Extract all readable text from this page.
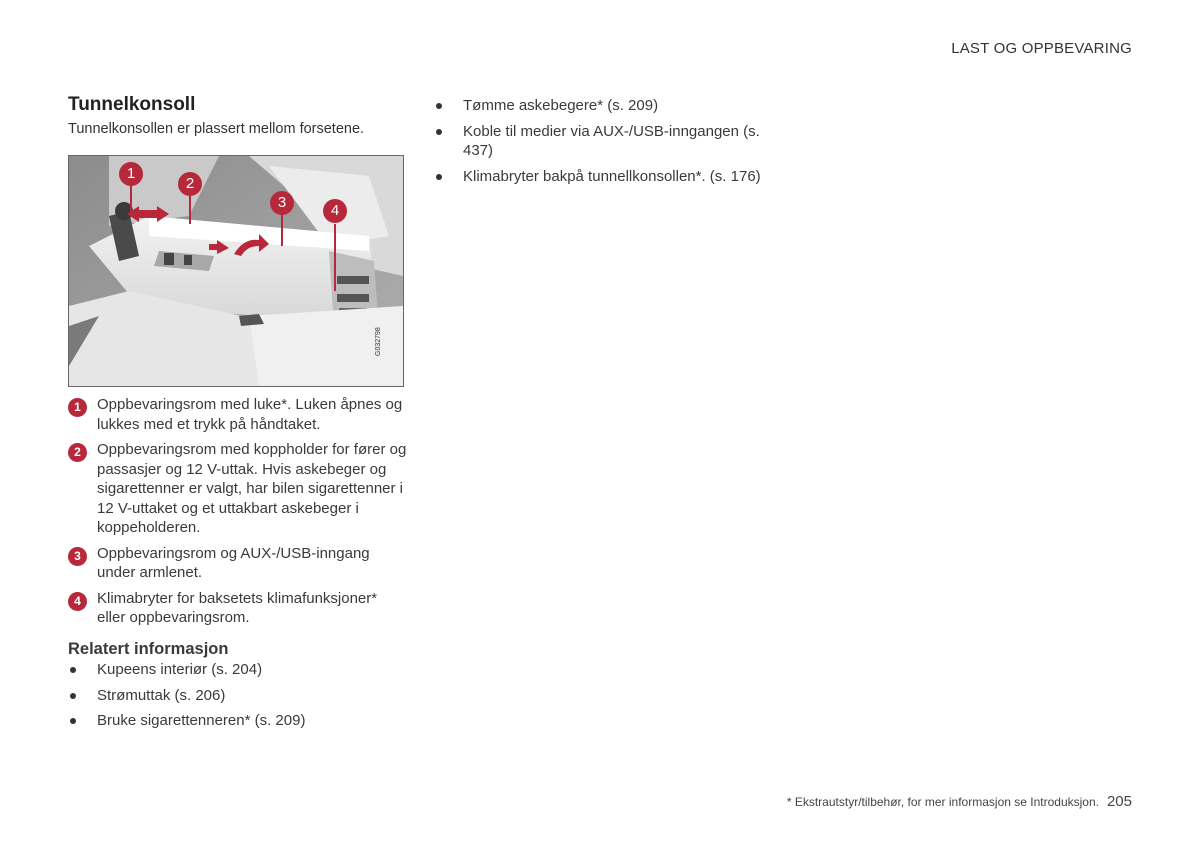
LAST OG OPPBEVARING
Tunnelkonsoll
Tunnelkonsollen er plassert mellom forsetene.
1
2
3	4
G032798
1	Oppbevaringsrom med luke*. Luken åpnes og lukkes med et trykk på håndtaket.
2	Oppbevaringsrom med koppholder for fører og passasjer og 12 V-uttak. Hvis askebeger og sigarettenner er valgt, har bilen sigarettenner i 12 V-uttaket og et uttakbart askebeger i koppeholderen.
3	Oppbevaringsrom og AUX-/USB-inngang under armlenet.
4	Klimabryter for baksetets klimafunksjoner* eller oppbevaringsrom.
Relatert informasjon
Kupeens interiør (s. 204)
Strømuttak (s. 206)
Bruke sigarettenneren* (s. 209)
Tømme askebegere* (s. 209)
Koble til medier via AUX-/USB-inngangen (s. 437)
Klimabryter bakpå tunnellkonsollen*. (s. 176)
* Ekstrautstyr/tilbehør, for mer informasjon se Introduksjon. 205
